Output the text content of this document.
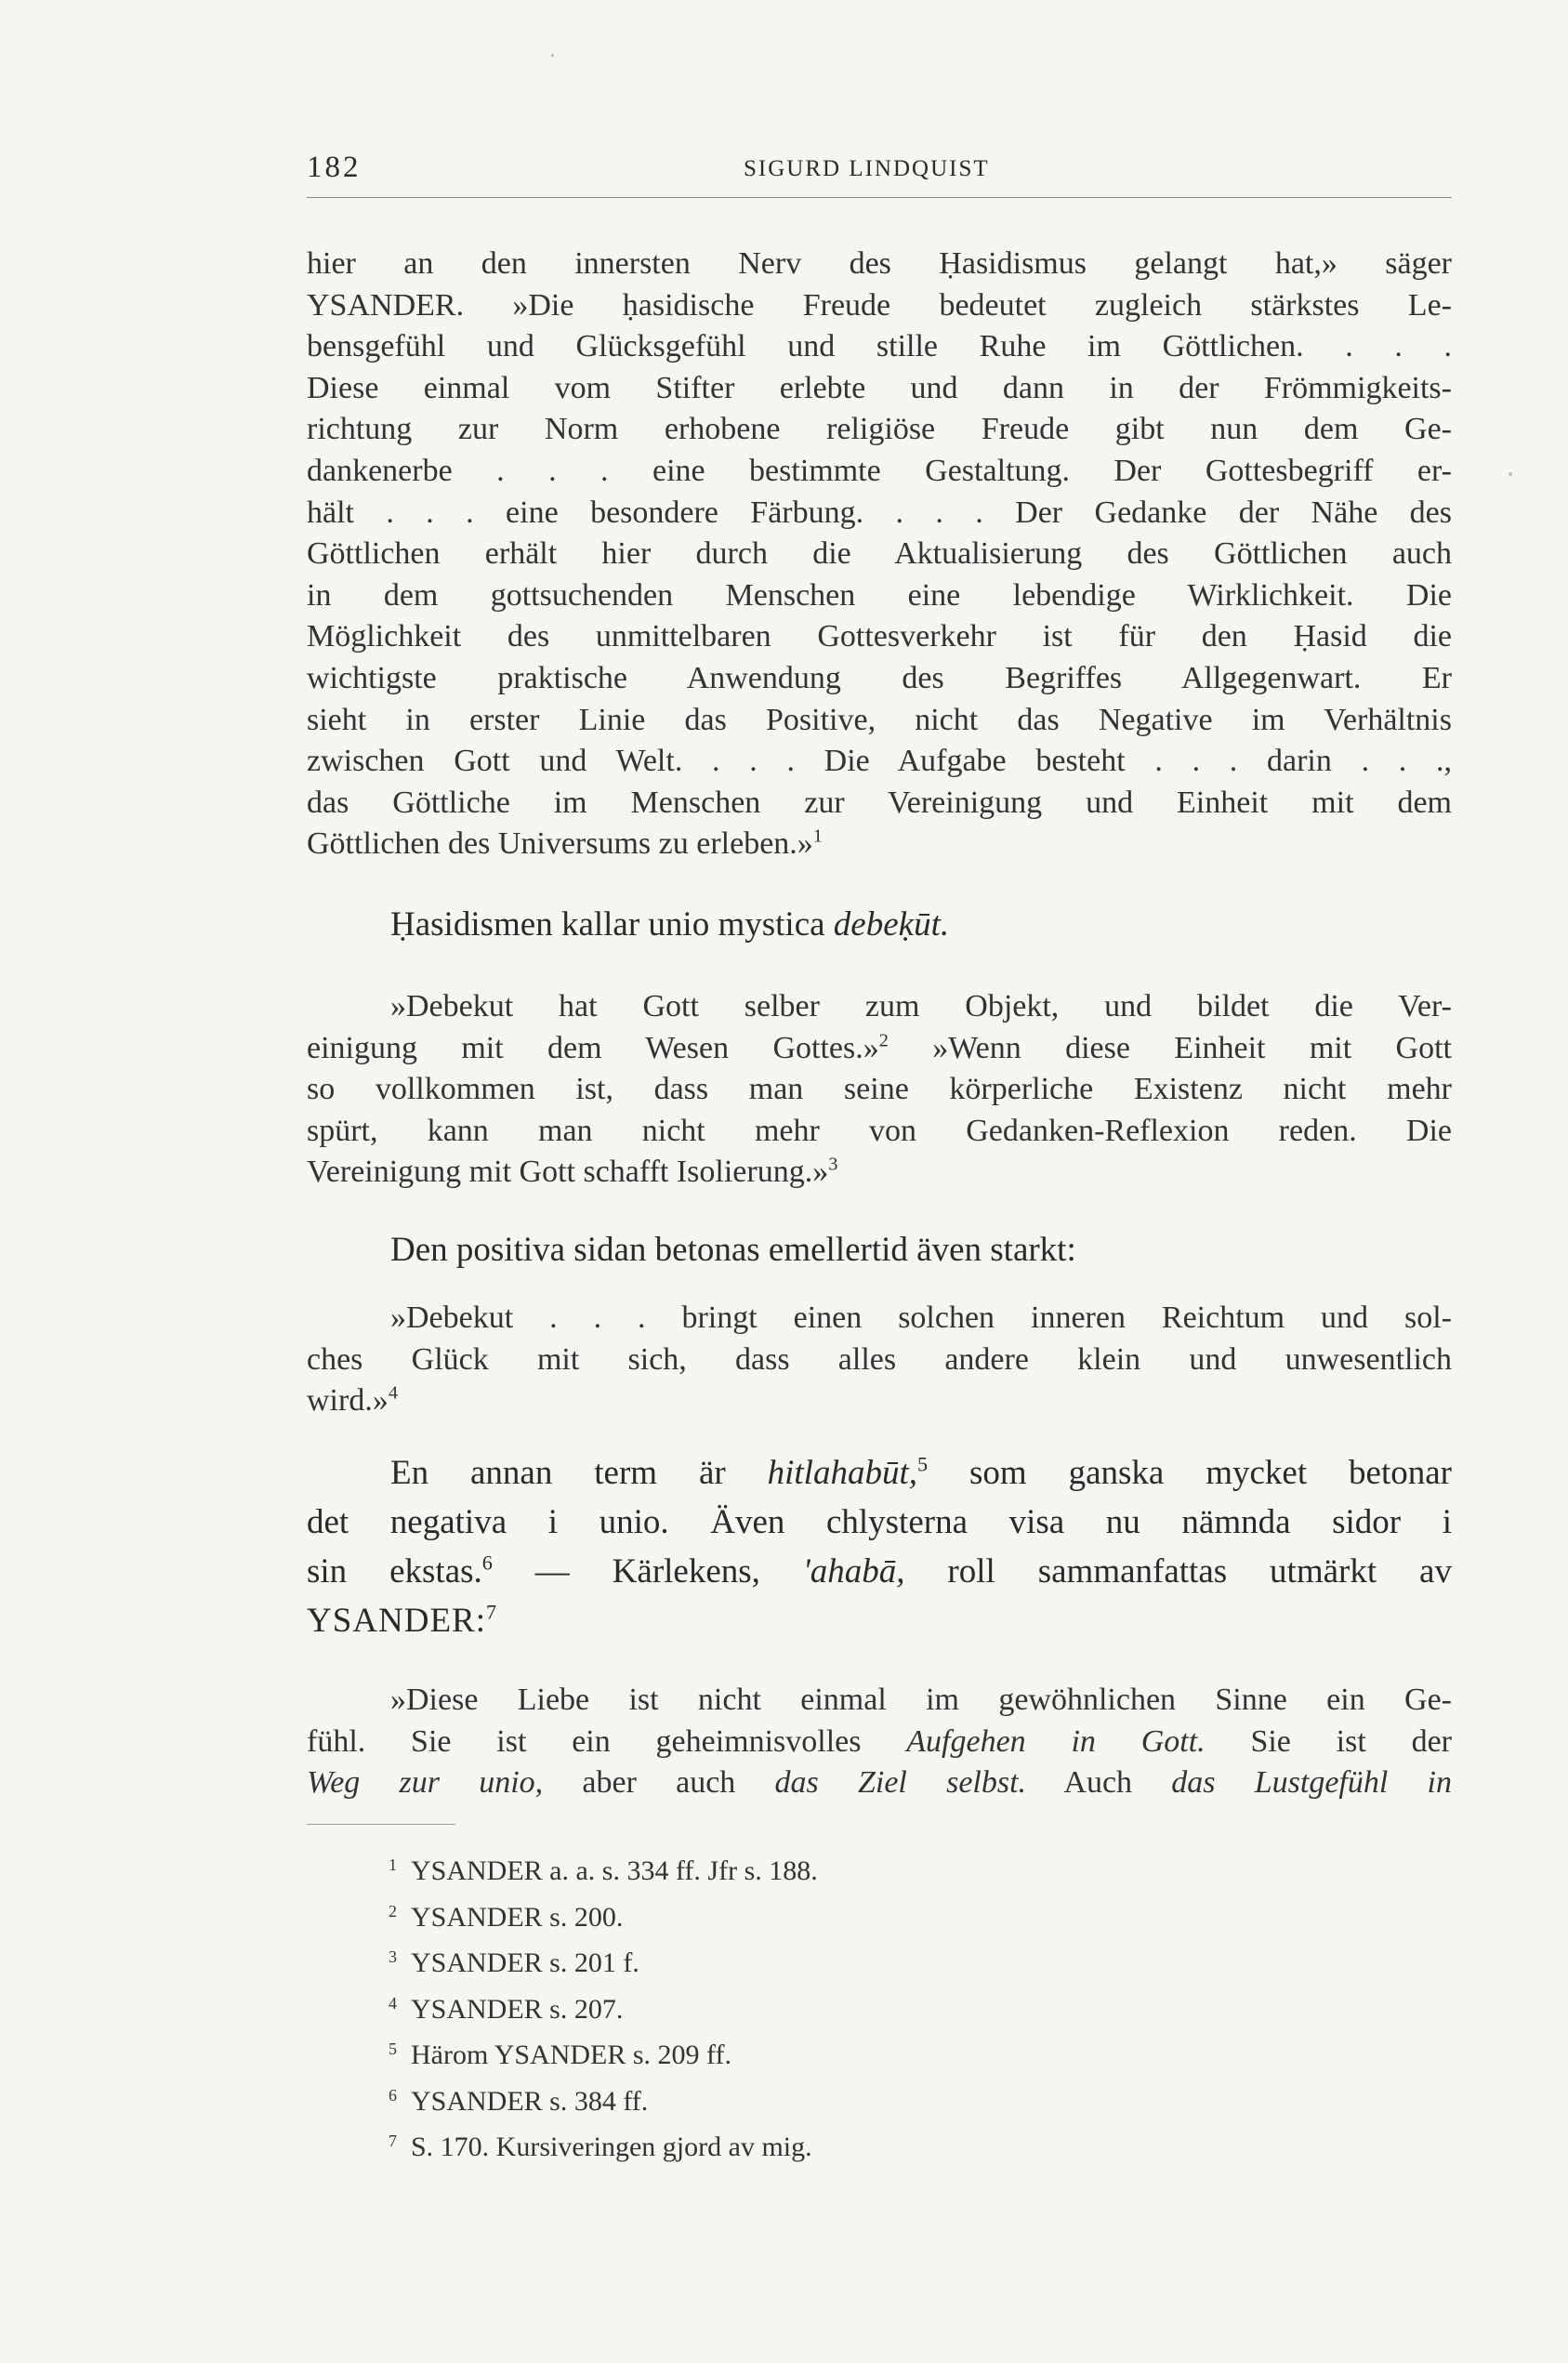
182	SIGURD LINDQUIST
hier an den innersten Nerv des Ḥasidismus gelangt hat,» säger
YSANDER. »Die ḥasidische Freude bedeutet zugleich stärkstes Le-
bensgefühl und Glücksgefühl und stille Ruhe im Göttlichen. . . .
Diese einmal vom Stifter erlebte und dann in der Frömmigkeits-
richtung zur Norm erhobene religiöse Freude gibt nun dem Ge-
dankenerbe . . . eine bestimmte Gestaltung. Der Gottesbegriff er-
hält . . . eine besondere Färbung. . . . Der Gedanke der Nähe des
Göttlichen erhält hier durch die Aktualisierung des Göttlichen auch
in dem gottsuchenden Menschen eine lebendige Wirklichkeit. Die
Möglichkeit des unmittelbaren Gottesverkehr ist für den Ḥasid die
wichtigste praktische Anwendung des Begriffes Allgegenwart. Er
sieht in erster Linie das Positive, nicht das Negative im Verhältnis
zwischen Gott und Welt. . . . Die Aufgabe besteht . . . darin . . .,
das Göttliche im Menschen zur Vereinigung und Einheit mit dem
Göttlichen des Universums zu erleben.»$^1$
Ḥasidismen kallar unio mystica debeḳūt.
»Debekut hat Gott selber zum Objekt, und bildet die Ver-
einigung mit dem Wesen Gottes.»$^2$ »Wenn diese Einheit mit Gott
so vollkommen ist, dass man seine körperliche Existenz nicht mehr
spürt, kann man nicht mehr von Gedanken-Reflexion reden. Die
Vereinigung mit Gott schafft Isolierung.»$^3$
Den positiva sidan betonas emellertid även starkt:
»Debekut . . . bringt einen solchen inneren Reichtum und sol-
ches Glück mit sich, dass alles andere klein und unwesentlich
wird.»$^4$
En annan term är hitlahabūt,$^5$ som ganska mycket betonar
det negativa i unio. Även chlysterna visa nu nämnda sidor i
sin ekstas.$^6$ — Kärlekens, 'ahabā, roll sammanfattas utmärkt av
YSANDER:$^7$
»Diese Liebe ist nicht einmal im gewöhnlichen Sinne ein Ge-
fühl. Sie ist ein geheimnisvolles Aufgehen in Gott. Sie ist der
Weg zur unio, aber auch das Ziel selbst. Auch das Lustgefühl in
1 YSANDER a. a. s. 334 ff. Jfr s. 188.
2 YSANDER s. 200.
3 YSANDER s. 201 f.
4 YSANDER s. 207.
5 Härom YSANDER s. 209 ff.
6 YSANDER s. 384 ff.
7 S. 170. Kursiveringen gjord av mig.
